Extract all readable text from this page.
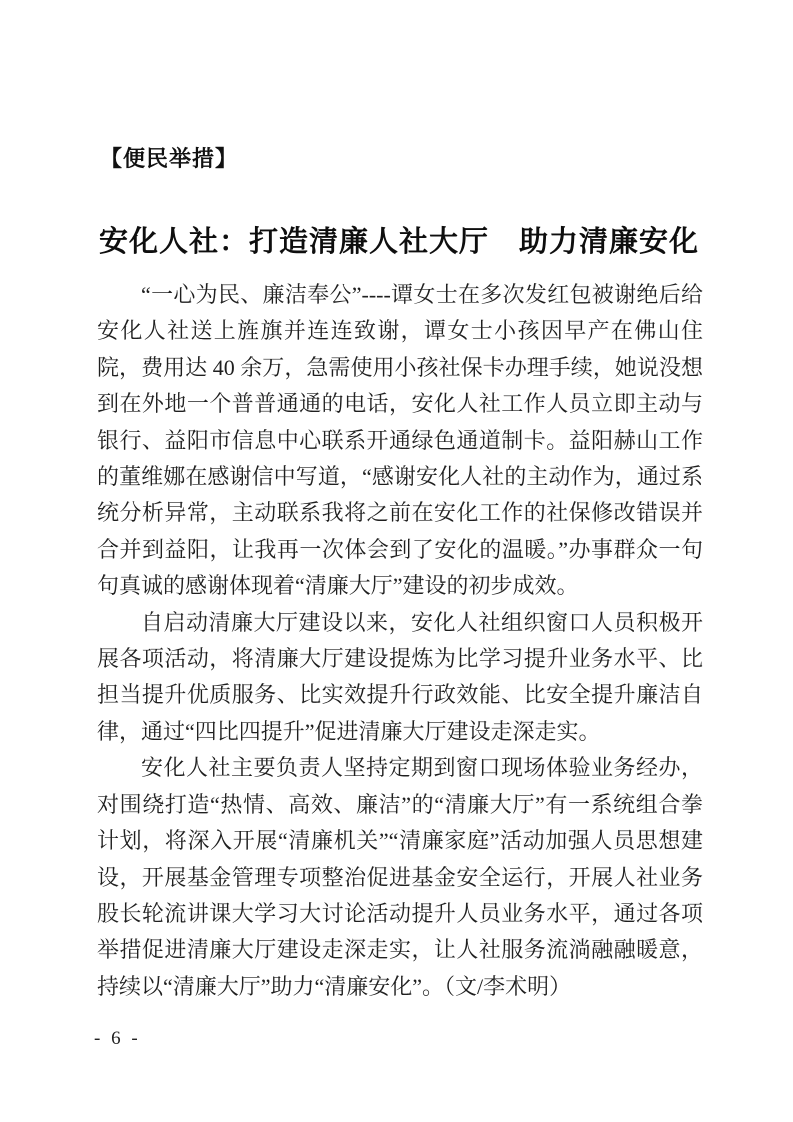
【便民举措】
安化人社：打造清廉人社大厅　助力清廉安化

“一心为民、廉洁奉公”----谭女士在多次发红包被谢绝后给安化人社送上旌旗并连连致谢，谭女士小孩因早产在佛山住院，费用达 40 余万，急需使用小孩社保卡办理手续，她说没想到在外地一个普普通通的电话，安化人社工作人员立即主动与银行、益阳市信息中心联系开通绿色通道制卡。益阳赫山工作的董维娜在感谢信中写道，“感谢安化人社的主动作为，通过系统分析异常，主动联系我将之前在安化工作的社保修改错误并合并到益阳，让我再一次体会到了安化的温暖。”办事群众一句句真诚的感谢体现着“清廉大厅”建设的初步成效。

自启动清廉大厅建设以来，安化人社组织窗口人员积极开展各项活动，将清廉大厅建设提炼为比学习提升业务水平、比担当提升优质服务、比实效提升行政效能、比安全提升廉洁自律，通过“四比四提升”促进清廉大厅建设走深走实。

安化人社主要负责人坚持定期到窗口现场体验业务经办，对围绕打造“热情、高效、廉洁”的“清廉大厅”有一系统组合拳计划，将深入开展“清廉机关”“清廉家庭”活动加强人员思想建设，开展基金管理专项整治促进基金安全运行，开展人社业务股长轮流讲课大学习大讨论活动提升人员业务水平，通过各项举措促进清廉大厅建设走深走实，让人社服务流淌融融暖意，持续以“清廉大厅”助力“清廉安化”。（文/李术明）

- 6 -
